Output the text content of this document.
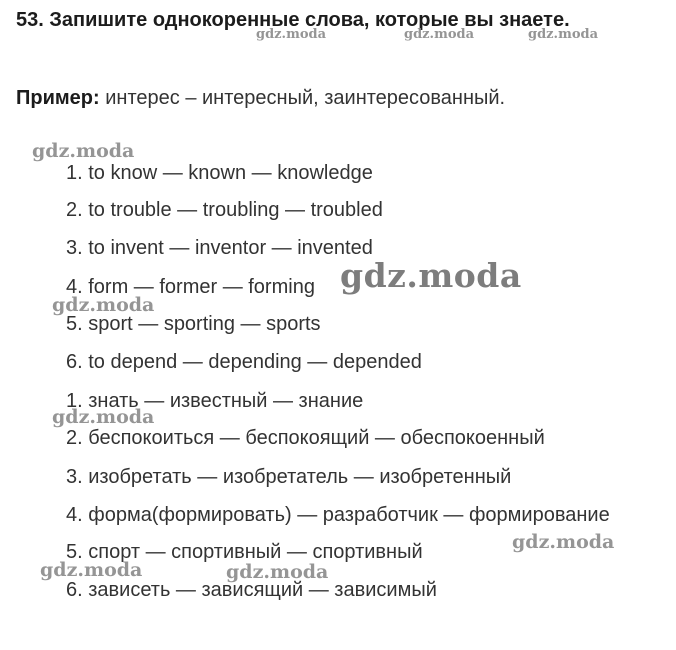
53. Запишите однокоренные слова, которые вы знаете.
Пример: интерес – интересный, заинтересованный.
1. to know — known — knowledge
2. to trouble — troubling — troubled
3. to invent — inventor — invented
4. form — former — forming
5. sport — sporting — sports
6. to depend — depending — depended
1. знать — известный — знание
2. беспокоиться — беспокоящий — обеспокоенный
3. изобретать — изобретатель — изобретенный
4. форма(формировать) — разработчик — формирование
5. спорт — спортивный — спортивный
6. зависеть — зависящий — зависимый
gdz.moda	gdz.moda	gdz.moda
gdz.moda
gdz.moda
gdz.moda
gdz.moda
gdz.moda
gdz.moda	gdz.moda
